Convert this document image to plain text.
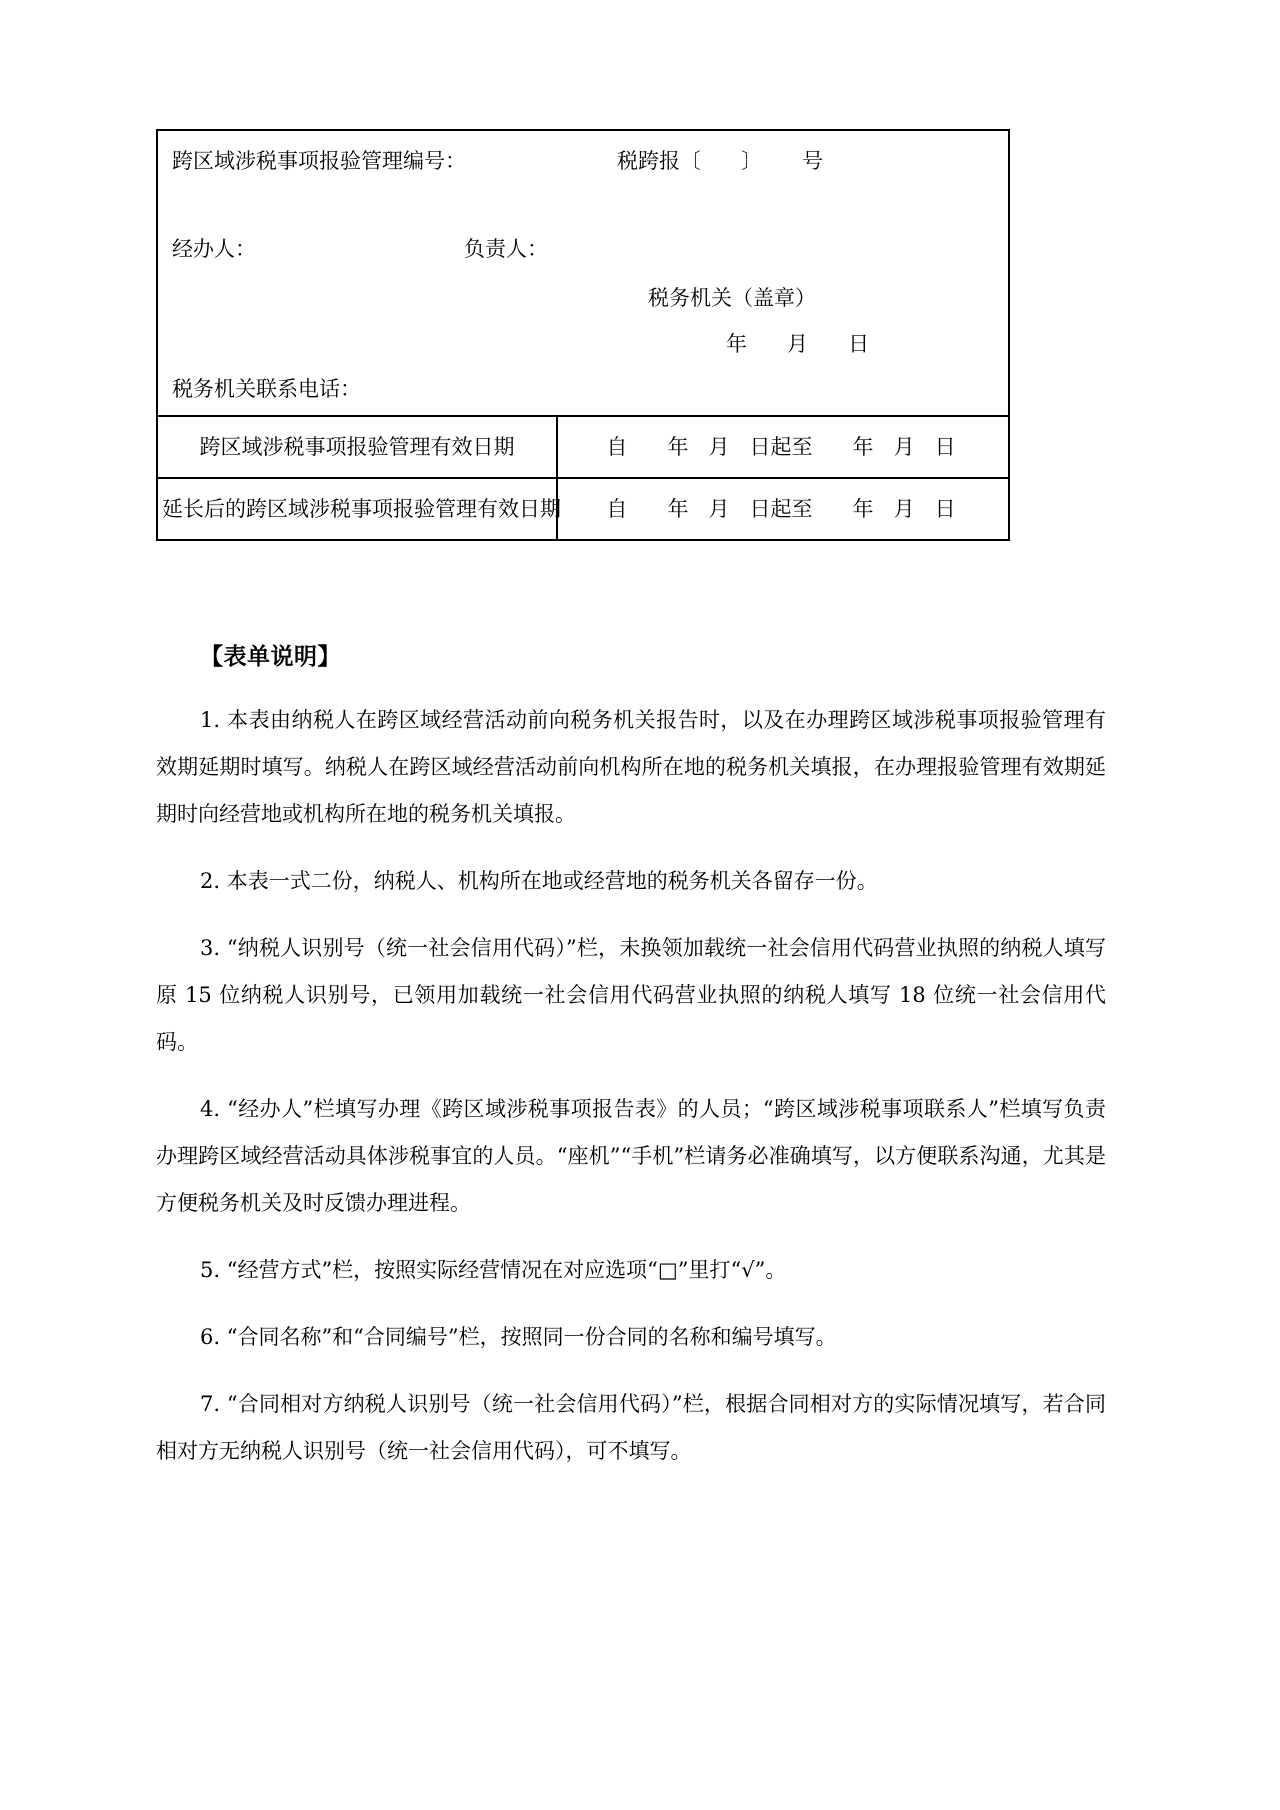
跨区域涉税事项报验管理编号：	税跨报〔      〕      号
经办人：	负责人：
税务机关（盖章）
年      月      日
税务机关联系电话：
跨区域涉税事项报验管理有效日期	自      年   月   日起至      年   月   日
延长后的跨区域涉税事项报验管理有效日期	自      年   月   日起至      年   月   日
【表单说明】

1. 本表由纳税人在跨区域经营活动前向税务机关报告时，以及在办理跨区域涉税事项报验管理有效期延期时填写。纳税人在跨区域经营活动前向机构所在地的税务机关填报，在办理报验管理有效期延期时向经营地或机构所在地的税务机关填报。

2. 本表一式二份，纳税人、机构所在地或经营地的税务机关各留存一份。

3. “纳税人识别号（统一社会信用代码）”栏，未换领加载统一社会信用代码营业执照的纳税人填写原 15 位纳税人识别号，已领用加载统一社会信用代码营业执照的纳税人填写 18 位统一社会信用代码。

4. “经办人”栏填写办理《跨区域涉税事项报告表》的人员；“跨区域涉税事项联系人”栏填写负责办理跨区域经营活动具体涉税事宜的人员。“座机”“手机”栏请务必准确填写，以方便联系沟通，尤其是方便税务机关及时反馈办理进程。

5. “经营方式”栏，按照实际经营情况在对应选项“□”里打“√”。

6. “合同名称”和“合同编号”栏，按照同一份合同的名称和编号填写。

7. “合同相对方纳税人识别号（统一社会信用代码）”栏，根据合同相对方的实际情况填写，若合同相对方无纳税人识别号（统一社会信用代码），可不填写。
